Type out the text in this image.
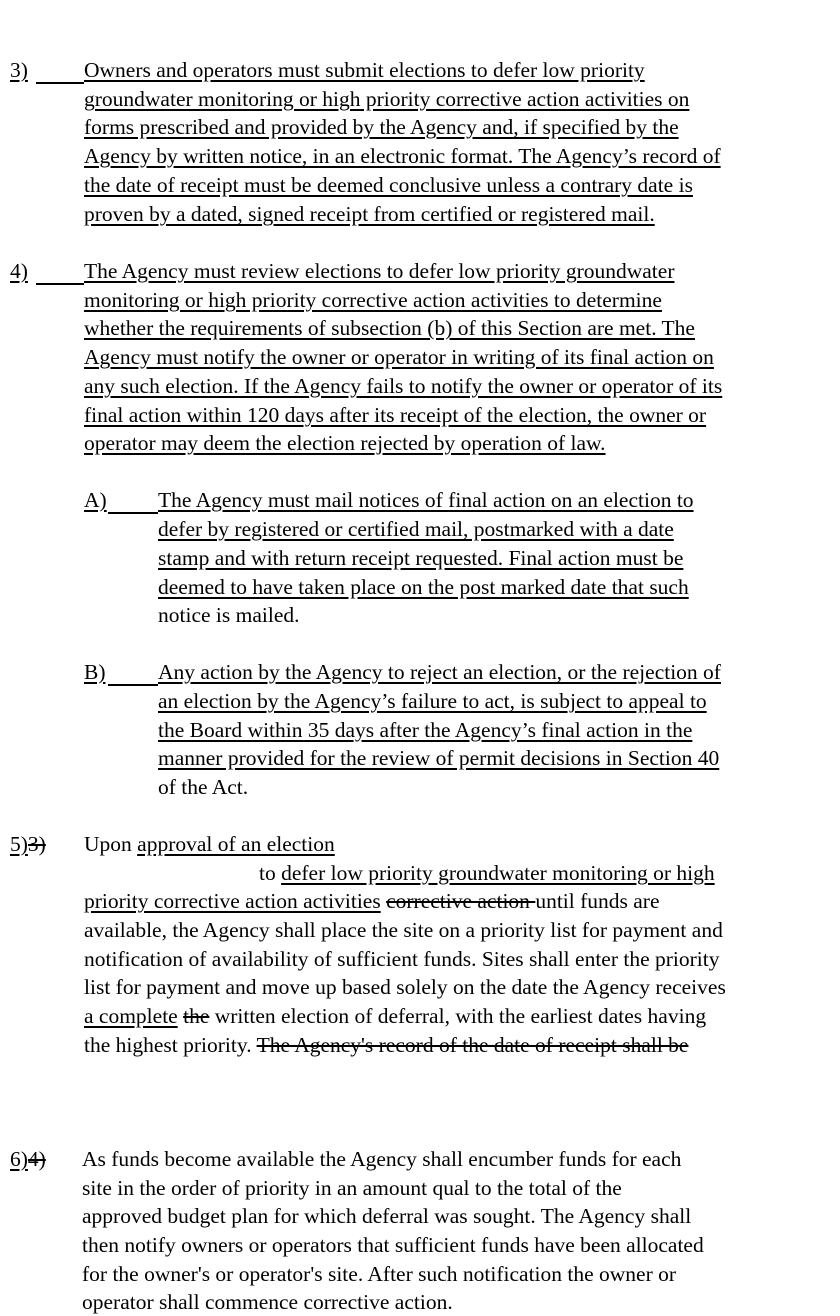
3)	Owners and operators must submit elections to defer low priority
groundwater monitoring or high priority corrective action activities on
forms prescribed and provided by the Agency and, if specified by the
Agency by written notice, in an electronic format. The Agency’s record of
the date of receipt must be deemed conclusive unless a contrary date is
proven by a dated, signed receipt from certified or registered mail.
4)	The Agency must review elections to defer low priority groundwater
monitoring or high priority corrective action activities to determine
whether the requirements of subsection (b) of this Section are met. The
Agency must notify the owner or operator in writing of its final action on
any such election. If the Agency fails to notify the owner or operator of its
final action within 120 days after its receipt of the election, the owner or
operator may deem the election rejected by operation of law.
A) The Agency must mail notices of final action on an election to
defer by registered or certified mail, postmarked with a date
stamp and with return receipt requested. Final action must be
deemed to have taken place on the post marked date that such
notice is mailed.
B) Any action by the Agency to reject an election, or the rejection of
an election by the Agency’s failure to act, is subject to appeal to
the Board within 35 days after the Agency’s final action in the
manner provided for the review of permit decisions in Section 40
of the Act.
5)3) Upon approval of an election
to defer low priority groundwater monitoring or high
priority corrective action activities corrective action until funds are
available, the Agency shall place the site on a priority list for payment and
notification of availability of sufficient funds. Sites shall enter the priority
list for payment and move up based solely on the date the Agency receives
a complete the written election of deferral, with the earliest dates having
the highest priority. The Agency's record of the date of receipt shall be
6)4) As funds become available the Agency shall encumber funds for each
site in the order of priority in an amount qual to the total of the
approved budget plan for which deferral was sought. The Agency shall
then notify owners or operators that sufficient funds have been allocated
for the owner's or operator's site. After such notification the owner or
operator shall commence corrective action.
